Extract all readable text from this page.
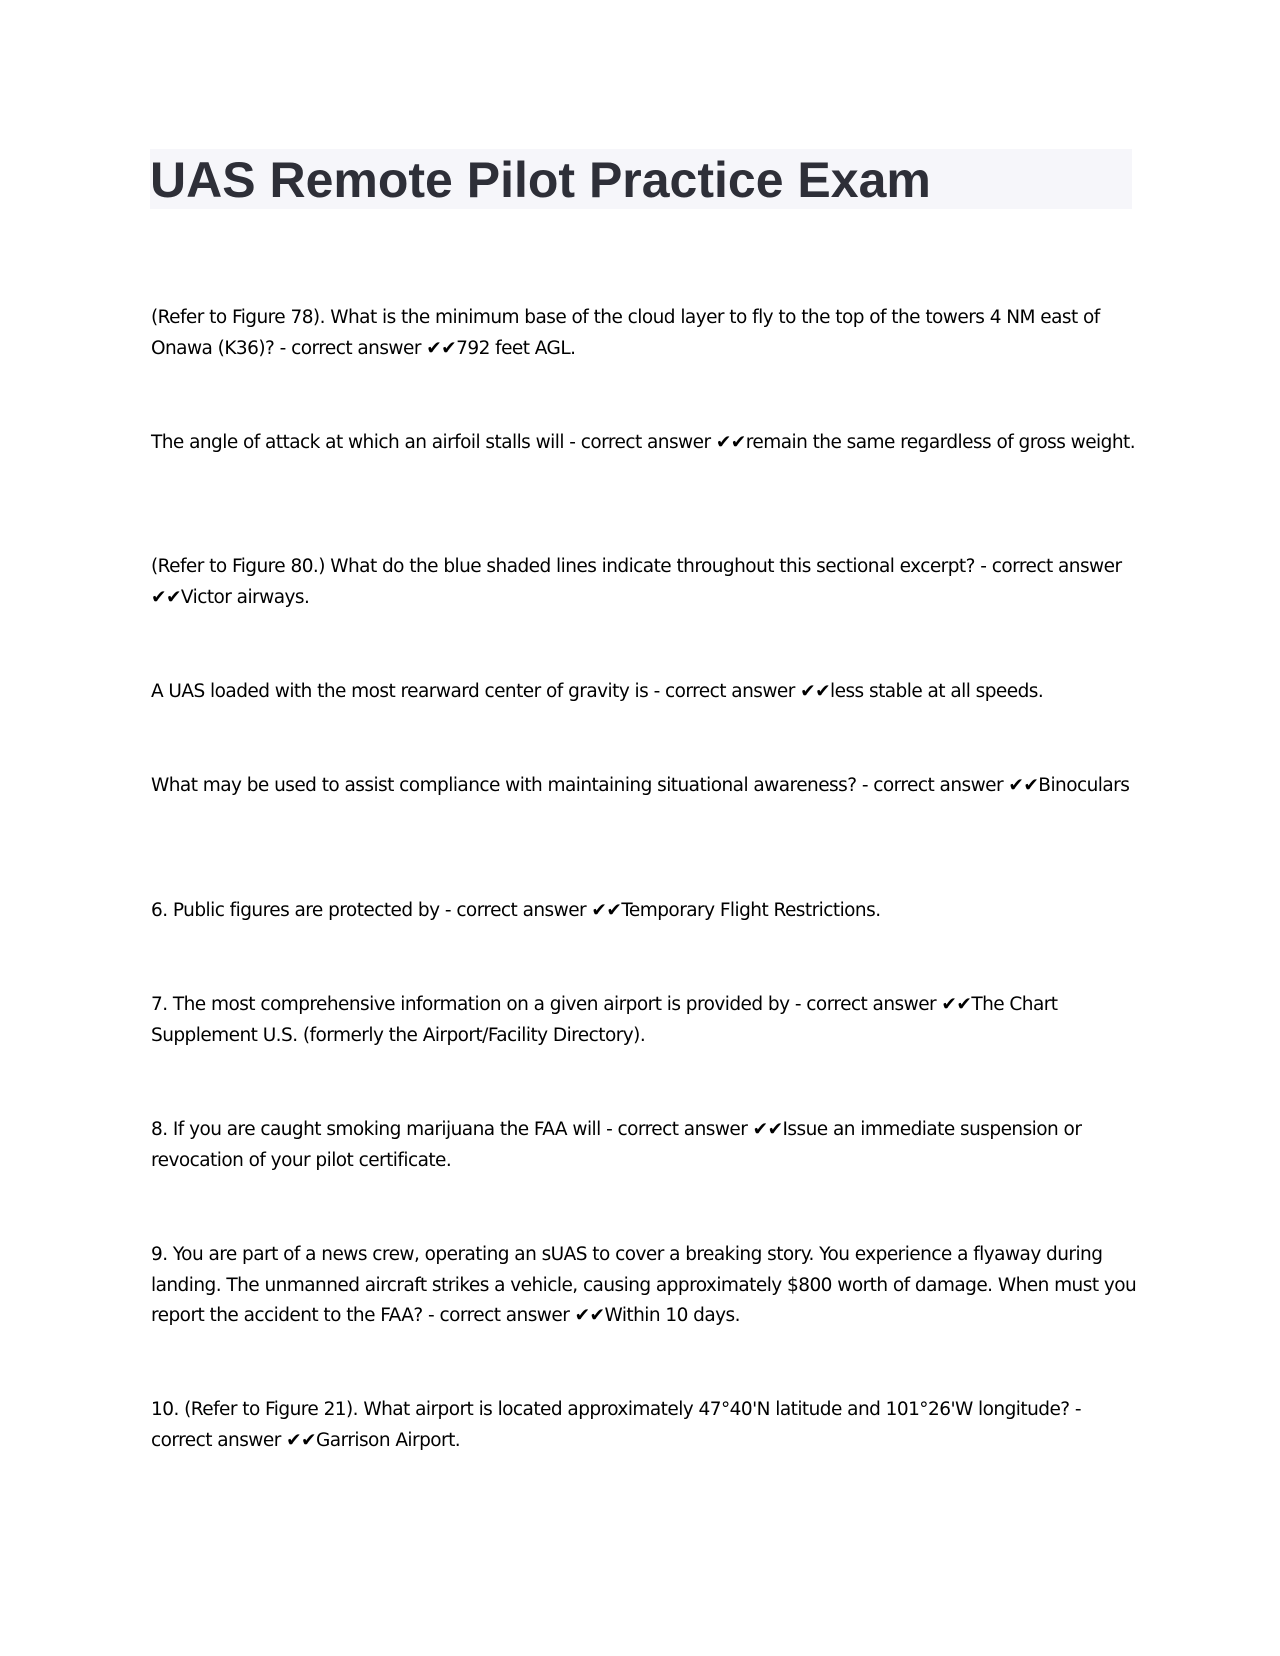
UAS Remote Pilot Practice Exam

(Refer to Figure 78). What is the minimum base of the cloud layer to fly to the top of the towers 4 NM east of Onawa (K36)? - correct answer ✔✔792 feet AGL.

The angle of attack at which an airfoil stalls will - correct answer ✔✔remain the same regardless of gross weight.

(Refer to Figure 80.) What do the blue shaded lines indicate throughout this sectional excerpt? - correct answer ✔✔Victor airways.

A UAS loaded with the most rearward center of gravity is - correct answer ✔✔less stable at all speeds.

What may be used to assist compliance with maintaining situational awareness? - correct answer ✔✔Binoculars

6. Public figures are protected by - correct answer ✔✔Temporary Flight Restrictions.

7. The most comprehensive information on a given airport is provided by - correct answer ✔✔The Chart Supplement U.S. (formerly the Airport/Facility Directory).

8. If you are caught smoking marijuana the FAA will - correct answer ✔✔Issue an immediate suspension or revocation of your pilot certificate.

9. You are part of a news crew, operating an sUAS to cover a breaking story. You experience a flyaway during landing. The unmanned aircraft strikes a vehicle, causing approximately $800 worth of damage. When must you report the accident to the FAA? - correct answer ✔✔Within 10 days.

10. (Refer to Figure 21). What airport is located approximately 47°40'N latitude and 101°26'W longitude? - correct answer ✔✔Garrison Airport.
